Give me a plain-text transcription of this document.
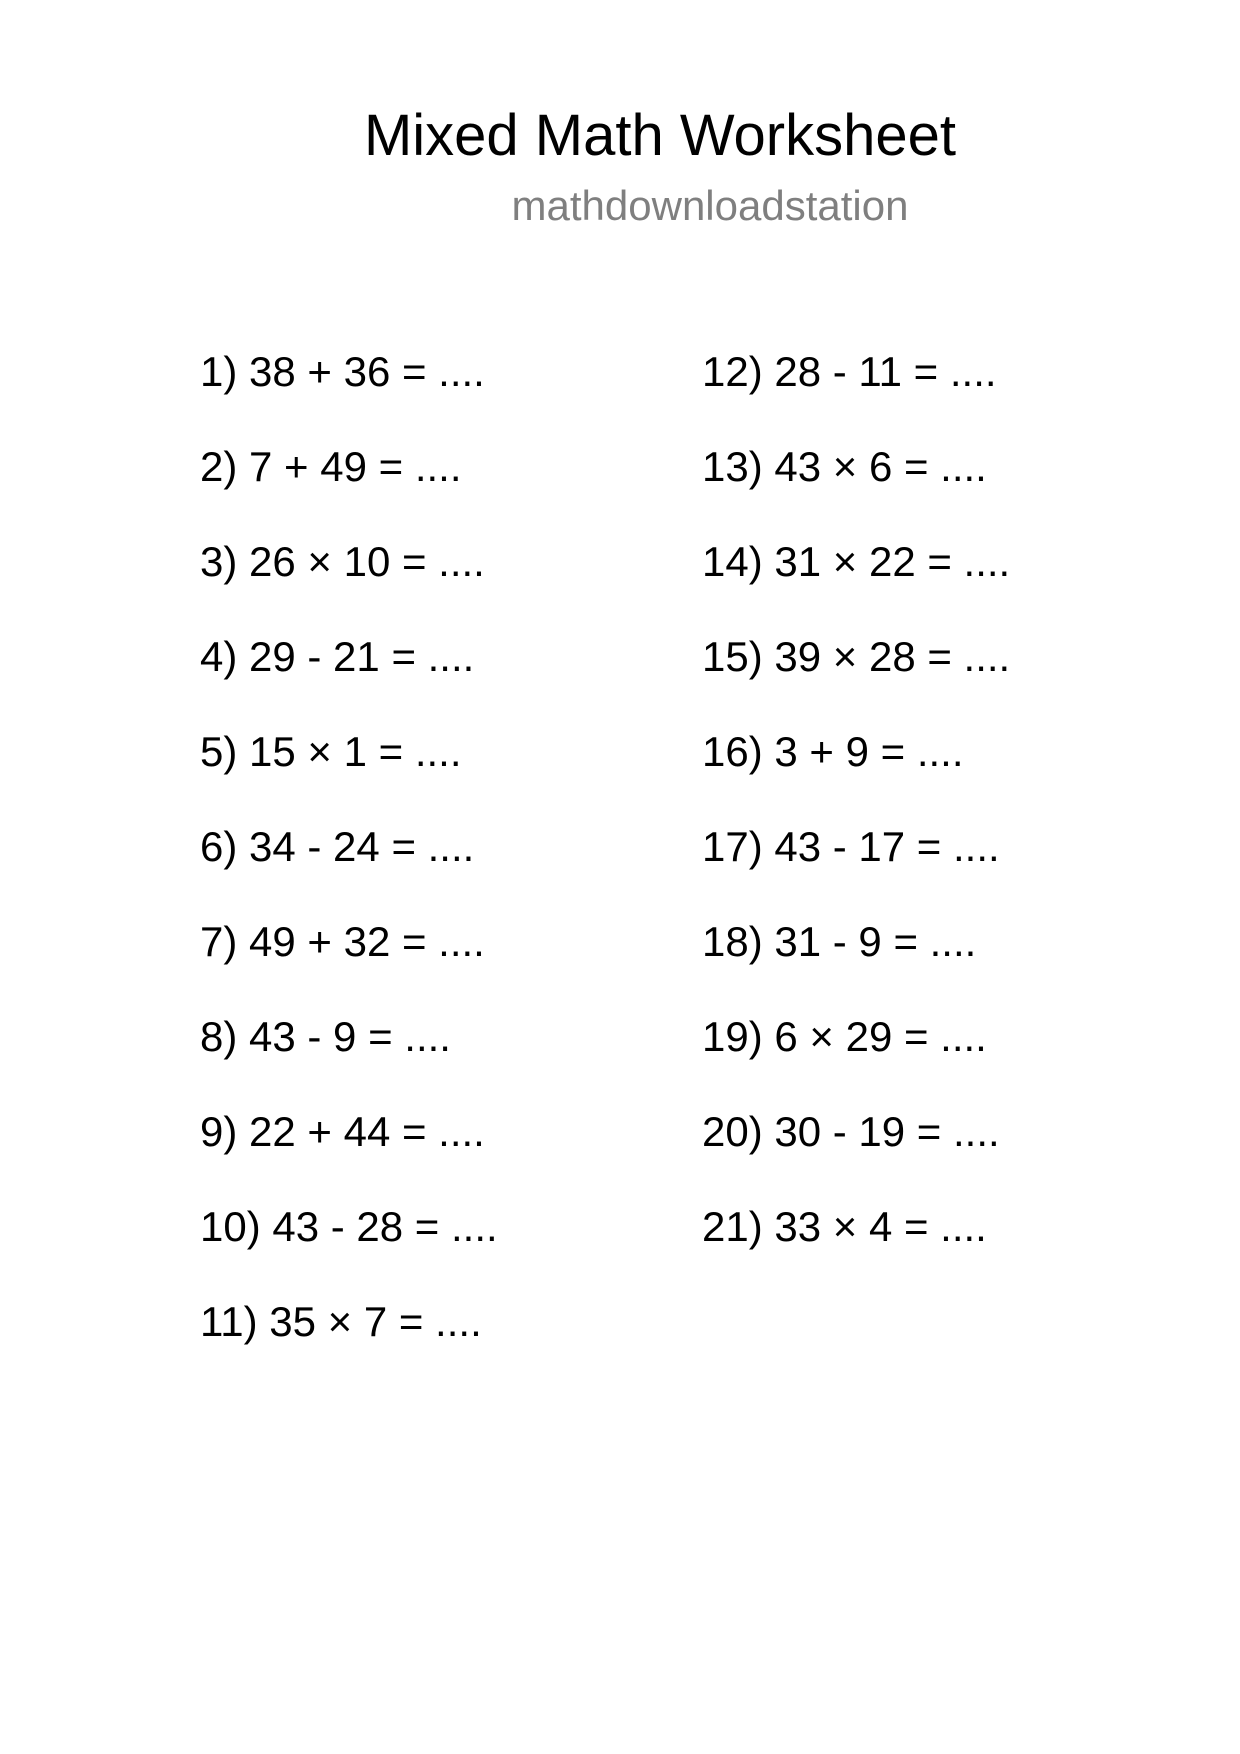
Mixed Math Worksheet
mathdownloadstation
1) 38 + 36 = ....
2) 7 + 49 = ....
3) 26 × 10 = ....
4) 29 - 21 = ....
5) 15 × 1 = ....
6) 34 - 24 = ....
7) 49 + 32 = ....
8) 43 - 9 = ....
9) 22 + 44 = ....
10) 43 - 28 = ....
11) 35 × 7 = ....
12) 28 - 11 = ....
13) 43 × 6 = ....
14) 31 × 22 = ....
15) 39 × 28 = ....
16) 3 + 9 = ....
17) 43 - 17 = ....
18) 31 - 9 = ....
19) 6 × 29 = ....
20) 30 - 19 = ....
21) 33 × 4 = ....
